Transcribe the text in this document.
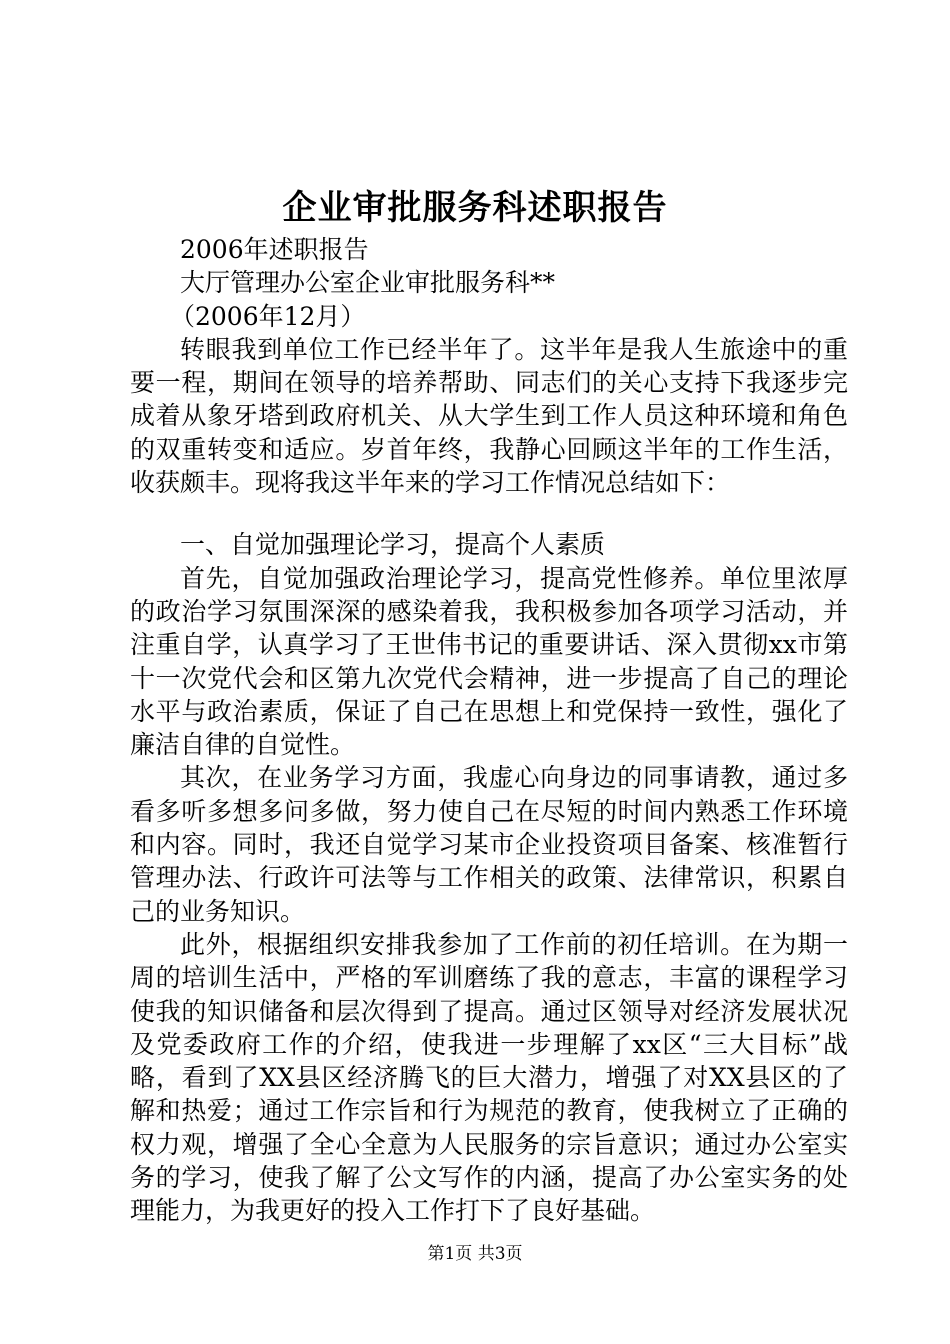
企业审批服务科述职报告
2006年述职报告
大厅管理办公室企业审批服务科**
（2006年12月）

转眼我到单位工作已经半年了。这半年是我人生旅途中的重要一程，期间在领导的培养帮助、同志们的关心支持下我逐步完成着从象牙塔到政府机关、从大学生到工作人员这种环境和角色的双重转变和适应。岁首年终，我静心回顾这半年的工作生活，收获颇丰。现将我这半年来的学习工作情况总结如下：

一、自觉加强理论学习，提高个人素质

首先，自觉加强政治理论学习，提高党性修养。单位里浓厚的政治学习氛围深深的感染着我，我积极参加各项学习活动，并注重自学，认真学习了王世伟书记的重要讲话、深入贯彻xx市第十一次党代会和区第九次党代会精神，进一步提高了自己的理论水平与政治素质，保证了自己在思想上和党保持一致性，强化了廉洁自律的自觉性。

其次，在业务学习方面，我虚心向身边的同事请教，通过多看多听多想多问多做，努力使自己在尽短的时间内熟悉工作环境和内容。同时，我还自觉学习某市企业投资项目备案、核准暂行管理办法、行政许可法等与工作相关的政策、法律常识，积累自己的业务知识。

此外，根据组织安排我参加了工作前的初任培训。在为期一周的培训生活中，严格的军训磨练了我的意志，丰富的课程学习使我的知识储备和层次得到了提高。通过区领导对经济发展状况及党委政府工作的介绍，使我进一步理解了xx区“三大目标”战略，看到了XX县区经济腾飞的巨大潜力，增强了对XX县区的了解和热爱；通过工作宗旨和行为规范的教育，使我树立了正确的权力观，增强了全心全意为人民服务的宗旨意识；通过办公室实务的学习，使我了解了公文写作的内涵，提高了办公室实务的处理能力，为我更好的投入工作打下了良好基础。

第1页 共3页
